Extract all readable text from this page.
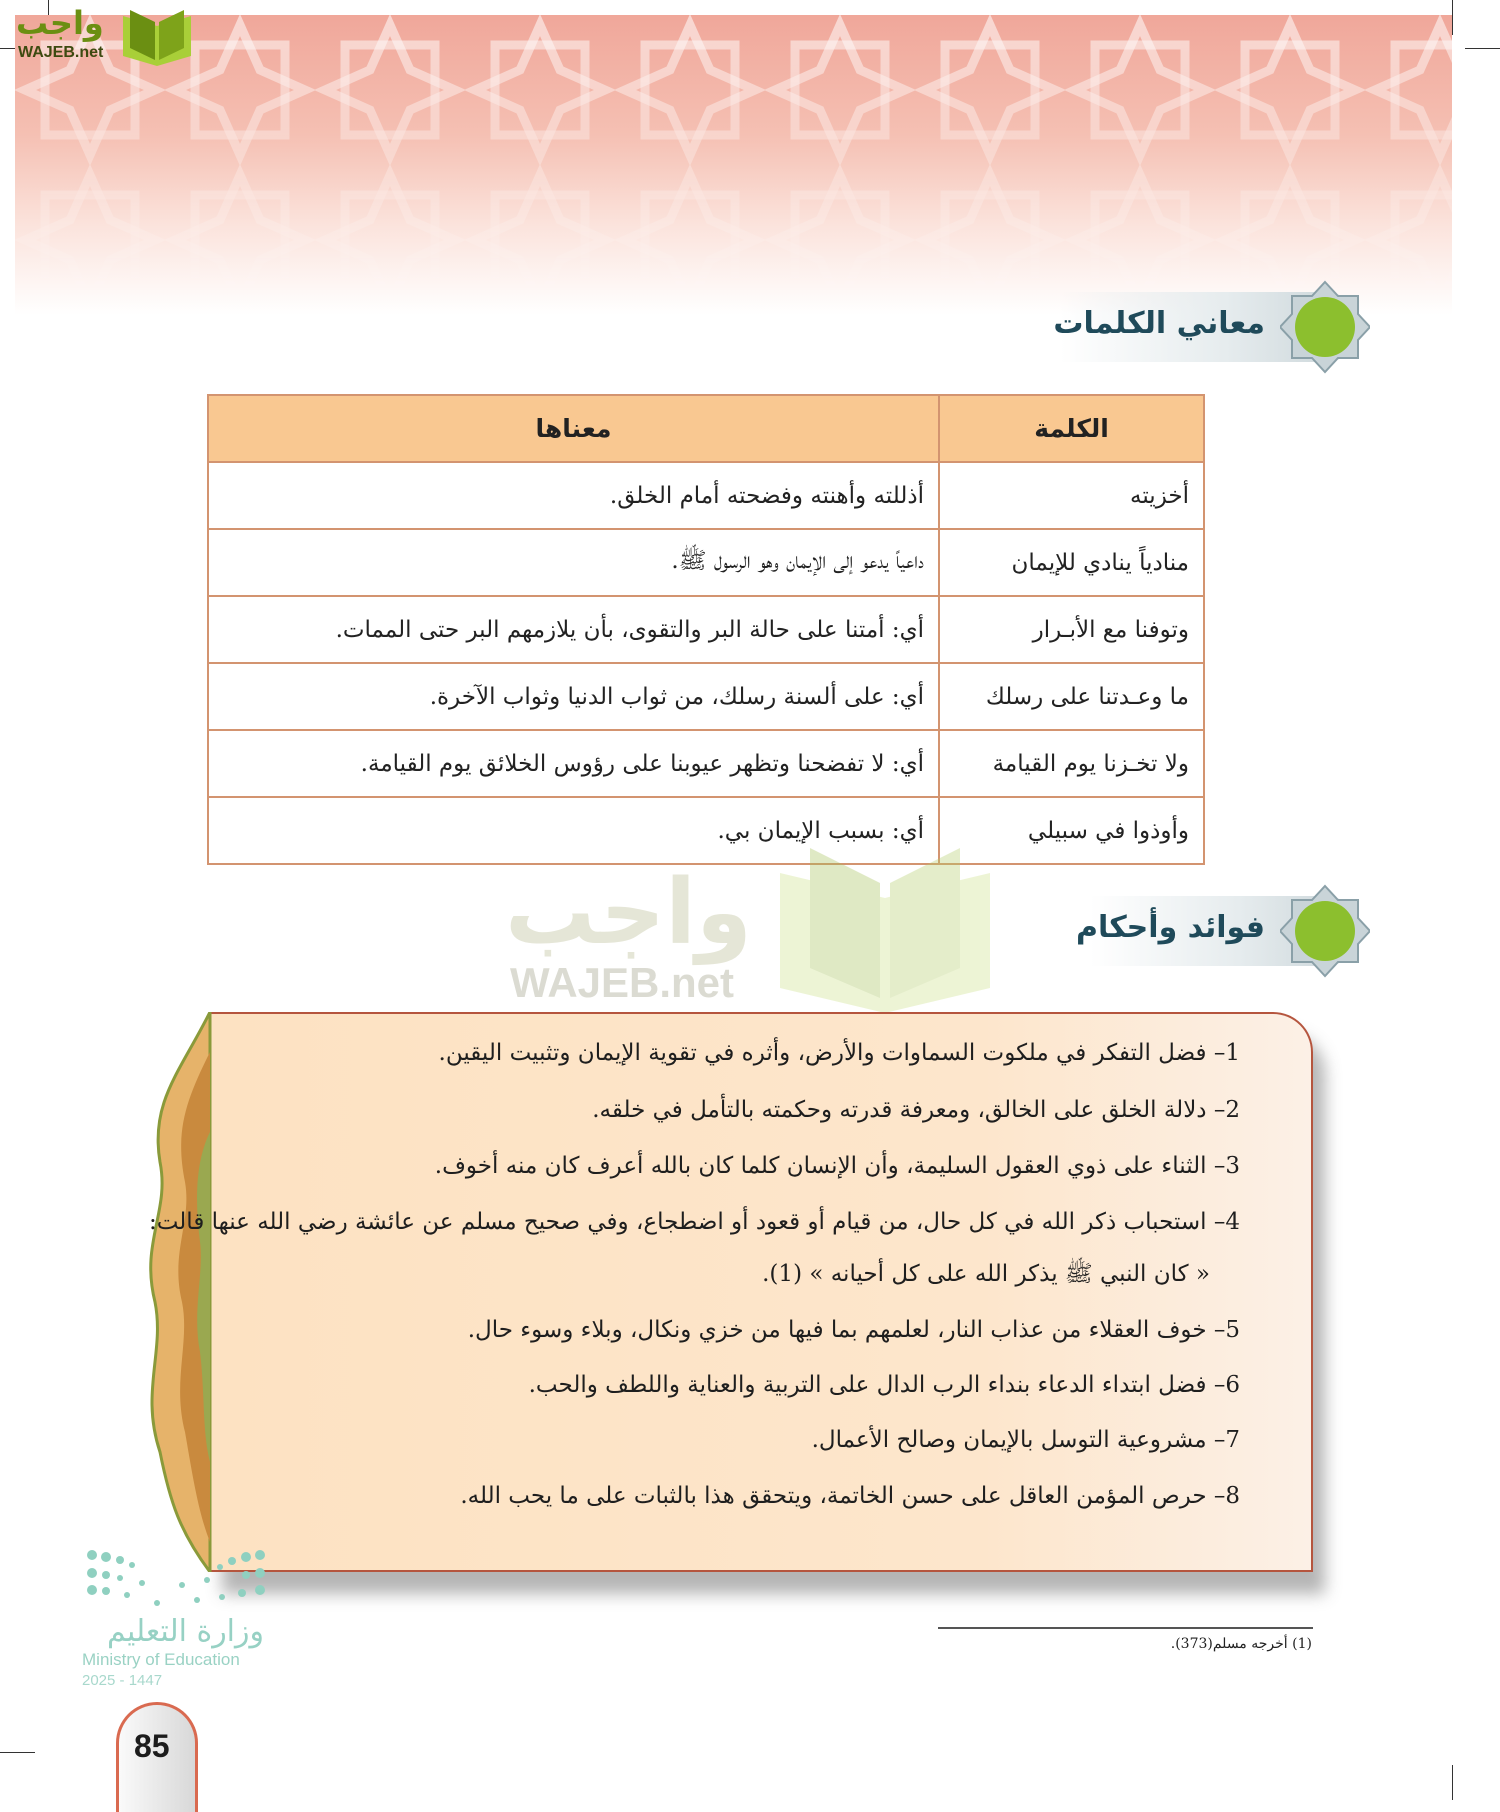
واجب
WAJEB.net
معاني الكلمات
الكلمة	معناها
أخزيته	أذللته وأهنته وفضحته أمام الخلق.
منادياً ينادي للإيمان	داعياً يدعو إلى الإيمان وهو الرسول ﷺ.
وتوفنا مع الأبـرار	أي: أمتنا على حالة البر والتقوى، بأن يلازمهم البر حتى الممات.
ما وعـدتنا على رسلك	أي: على ألسنة رسلك، من ثواب الدنيا وثواب الآخرة.
ولا تخـزنا يوم القيامة	أي: لا تفضحنا وتظهر عيوبنا على رؤوس الخلائق يوم القيامة.
وأوذوا في سبيلي	أي: بسبب الإيمان بي.
واجب
WAJEB.net
فوائد وأحكام
1– فضل التفكر في ملكوت السماوات والأرض، وأثره في تقوية الإيمان وتثبيت اليقين.
2– دلالة الخلق على الخالق، ومعرفة قدرته وحكمته بالتأمل في خلقه.
3– الثناء على ذوي العقول السليمة، وأن الإنسان كلما كان بالله أعرف كان منه أخوف.
4– استحباب ذكر الله في كل حال، من قيام أو قعود أو اضطجاع، وفي صحيح مسلم عن عائشة رضي الله عنها قالت:
« كان النبي ﷺ يذكر الله على كل أحيانه » (1).
5– خوف العقلاء من عذاب النار، لعلمهم بما فيها من خزي ونكال، وبلاء وسوء حال.
6– فضل ابتداء الدعاء بنداء الرب الدال على التربية والعناية واللطف والحب.
7– مشروعية التوسل بالإيمان وصالح الأعمال.
8– حرص المؤمن العاقل على حسن الخاتمة، ويتحقق هذا بالثبات على ما يحب الله.
(1) أخرجه مسلم(373).
وزارة التعليم
Ministry of Education
2025 - 1447
85
